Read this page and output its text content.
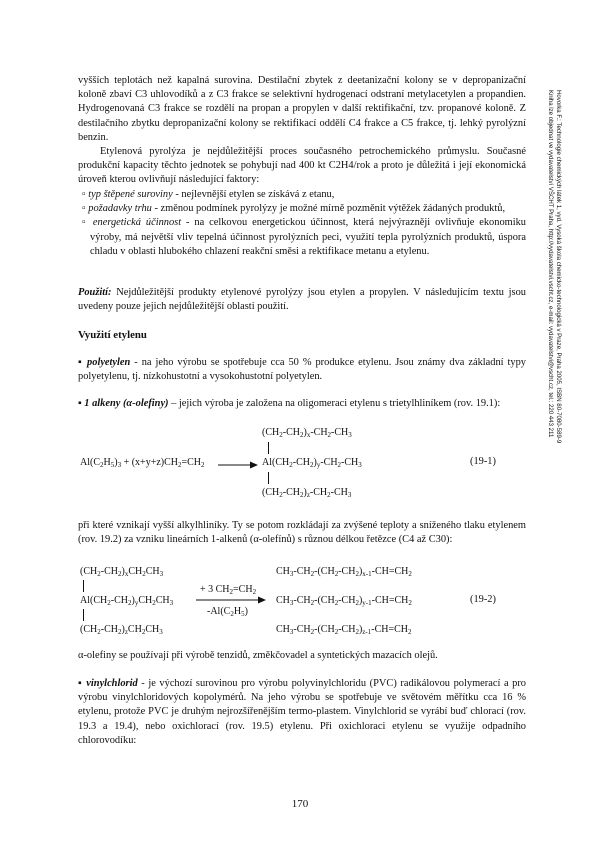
Hovorka F.: Technologie chemických látek 1, vyd. Vysoká škola chemicko-technologická v Praze, Praha 2005, ISBN 80-7080-589-9
Kniha lze objednat ve vydavatelství VŠCHT Praha, http://vydavatelstvi.vscht.cz, e-mail: vydavatelstvi@vscht.cz, tel.: 220 443 211

vyšších teplotách než kapalná surovina. Destilační zbytek z deetanizační kolony se v depropanizační koloně zbaví C3 uhlovodíků a z C3 frakce se selektivní hydrogenací odstraní metylacetylen a propandien. Hydrogenovaná C3 frakce se rozdělí na propan a propylen v další rektifikační, tzv. propanové koloně. Z destilačního zbytku depropanizační kolony se rektifikací oddělí C4 frakce a C5 frakce, tj. lehký pyrolýzní benzin.

Etylenová pyrolýza je nejdůležitější proces současného petrochemického průmyslu. Současné produkční kapacity těchto jednotek se pohybují nad 400 kt C2H4/rok a proto je důležitá i její ekonomická úroveň kterou ovlivňují následující faktory:

▫ typ štěpené suroviny - nejlevnější etylen se získává z etanu,
▫ požadavky trhu - změnou podmínek pyrolýzy je možné mírně pozměnit výtěžek žádaných produktů,
▫ energetická účinnost - na celkovou energetickou účinnost, která nejvýrazněji ovlivňuje ekonomiku výroby, má největší vliv tepelná účinnost pyrolýzních peci, využití tepla pyrolýzních produktů, úspora chladu v oblasti hlubokého chlazení reakční směsi a rektifikace metanu a etylenu.

Použití: Nejdůležitější produkty etylenové pyrolýzy jsou etylen a propylen. V následujícím textu jsou uvedeny pouze jejich nejdůležitější oblasti použití.

Využití etylenu

▪ polyetylen - na jeho výrobu se spotřebuje cca 50 % produkce etylenu. Jsou známy dva základní typy polyetylenu, tj. nízkohustotní a vysokohustotní polyetylen.

▪ 1 alkeny (α-olefiny) – jejich výroba je založena na oligomeraci etylenu s trietylhliníkem (rov. 19.1):

$(CH_2-CH_2)_x-CH_2-CH_3$
$Al(C_2H_5)_3 + (x+y+z)CH_2=CH_2$	$Al(CH_2-CH_2)_y-CH_2-CH_3$
$(CH_2-CH_2)_z-CH_2-CH_3$
(19-1)

při které vznikají vyšší alkylhliníky. Ty se potom rozkládají za zvýšené teploty a sníženého tlaku etylenem (rov. 19.2) za vzniku lineárních 1-alkenů (α-olefínů) s různou délkou řetězce (C4 až C30):

$(CH_2-CH_2)_xCH_2CH_3$
$Al(CH_2-CH_2)_yCH_2CH_3$
$(CH_2-CH_2)_zCH_2CH_3$
+ 3 $CH_2=CH_2$
$-Al(C_2H_5)$
$CH_3-CH_2-(CH_2-CH_2)_{x-1}-CH=CH_2$
$CH_3-CH_2-(CH_2-CH_2)_{y-1}-CH=CH_2$
$CH_3-CH_2-(CH_2-CH_2)_{z-1}-CH=CH_2$
(19-2)

α-olefiny se používají při výrobě tenzidů, změkčovadel a syntetických mazacích olejů.

▪ vinylchlorid - je výchozí surovinou pro výrobu polyvinylchloridu (PVC) radikálovou polymerací a pro výrobu vinylchloridových kopolymérů. Na jeho výrobu se spotřebuje ve světovém měřítku cca 16 % etylenu, protože PVC je druhým nejrozšířenějším termo-plastem. Vinylchlorid se vyrábí buď chlorací (rov. 19.3 a 19.4), nebo oxichlorací (rov. 19.5) etylenu. Při oxichloraci etylenu se využije odpadního chlorovodíku:

170
